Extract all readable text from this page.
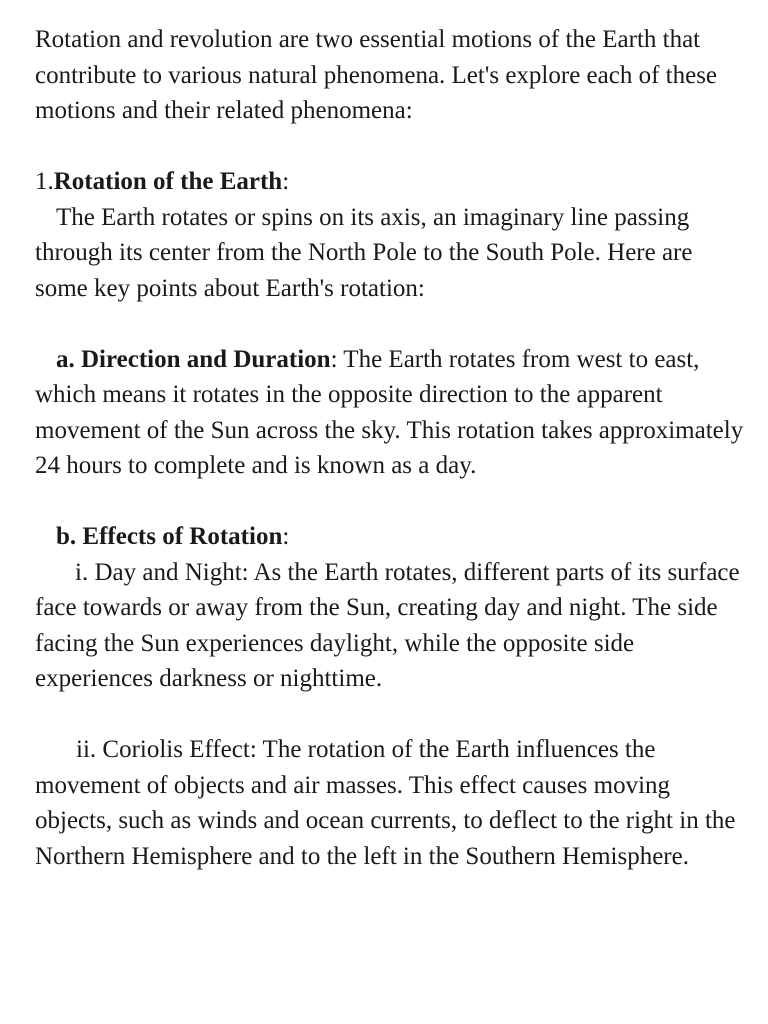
Rotation and revolution are two essential motions of the Earth that contribute to various natural phenomena. Let's explore each of these motions and their related phenomena:

1.Rotation of the Earth:

The Earth rotates or spins on its axis, an imaginary line passing through its center from the North Pole to the South Pole. Here are some key points about Earth's rotation:

a. Direction and Duration: The Earth rotates from west to east, which means it rotates in the opposite direction to the apparent movement of the Sun across the sky. This rotation takes approximately 24 hours to complete and is known as a day.

b. Effects of Rotation:

i. Day and Night: As the Earth rotates, different parts of its surface face towards or away from the Sun, creating day and night. The side facing the Sun experiences daylight, while the opposite side experiences darkness or nighttime.

ii. Coriolis Effect: The rotation of the Earth influences the movement of objects and air masses. This effect causes moving objects, such as winds and ocean currents, to deflect to the right in the Northern Hemisphere and to the left in the Southern Hemisphere.
